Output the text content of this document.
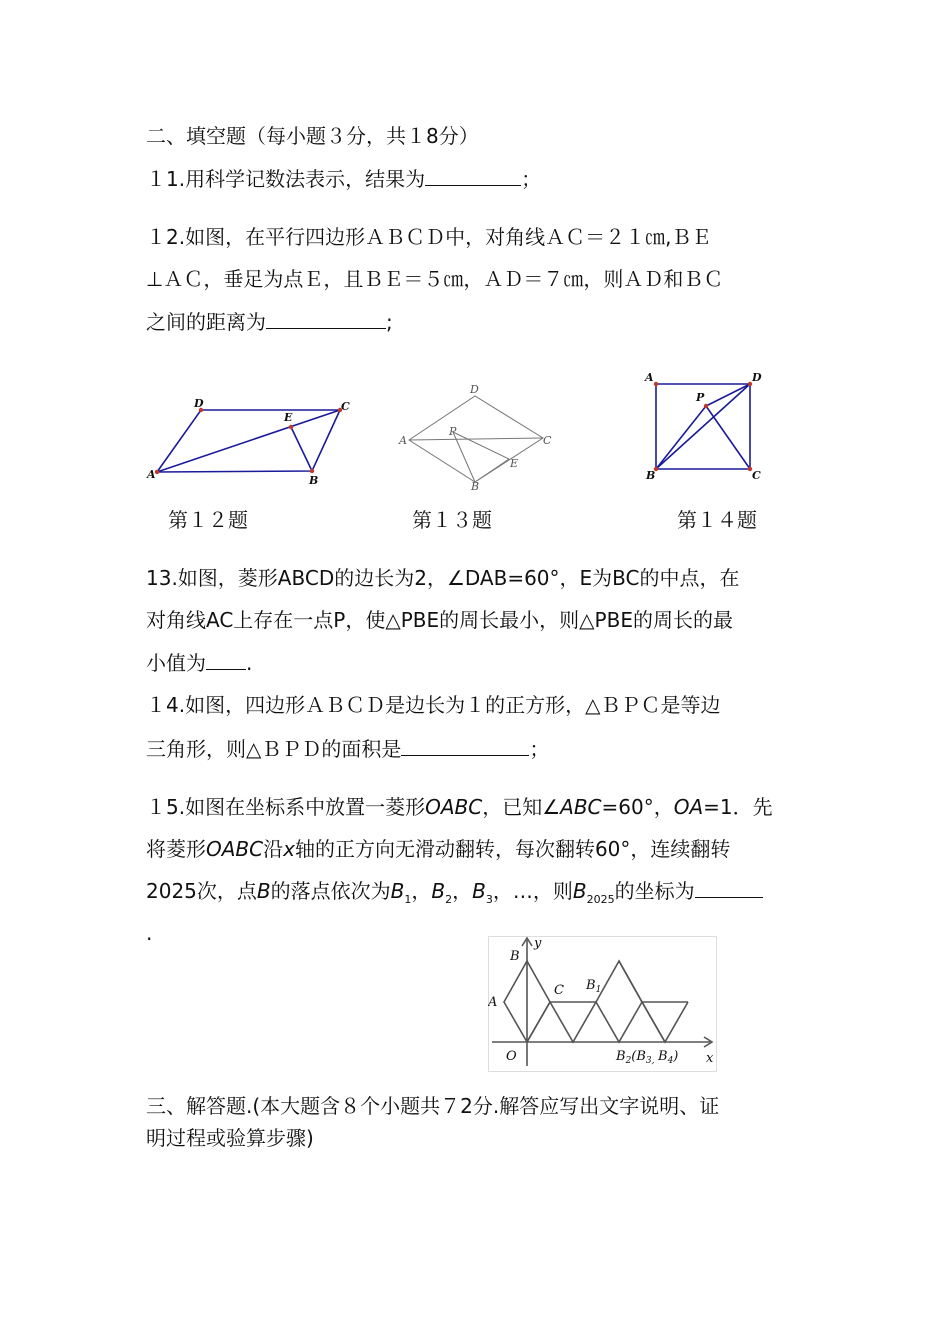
二、填空题（每小题３分，共１8分）
１1.用科学记数法表示，结果为	；
１2.如图，在平行四边形ＡＢＣＤ中，对角线ＡＣ＝２１㎝,ＢＥ
⊥ＡＣ，垂足为点Ｅ，且ＢＥ＝５㎝，ＡＤ＝７㎝，则ＡＤ和ＢＣ
之间的距离为	;
A
D	C
E
B
第１２题
A
D
C
P
E
B
第１３题
A	D
P
B	C
第１４题
13.如图，菱形ABCD的边长为2，∠DAB=60°，E为BC的中点，在
对角线AC上存在一点P，使△PBE的周长最小，则△PBE的周长的最
小值为 .
１4.如图，四边形ＡＢＣＤ是边长为１的正方形，△ＢＰＣ是等边
三角形，则△ＢＰＤ的面积是	；
１5.如图在坐标系中放置一菱形OABC，已知∠ABC=60°，OA=1．先
将菱形OABC沿x轴的正方向无滑动翻转，每次翻转60°，连续翻转
2025次，点B的落点依次为$B_1$，$B_2$，$B_3$，…，则$B_{2025}$的坐标为
.	y
B
A
C $B_1$
O	$B_2(B_{3,}$ $B_4$) x
三、解答题.(本大题含８个小题共７2分.解答应写出文字说明、证
明过程或验算步骤)
